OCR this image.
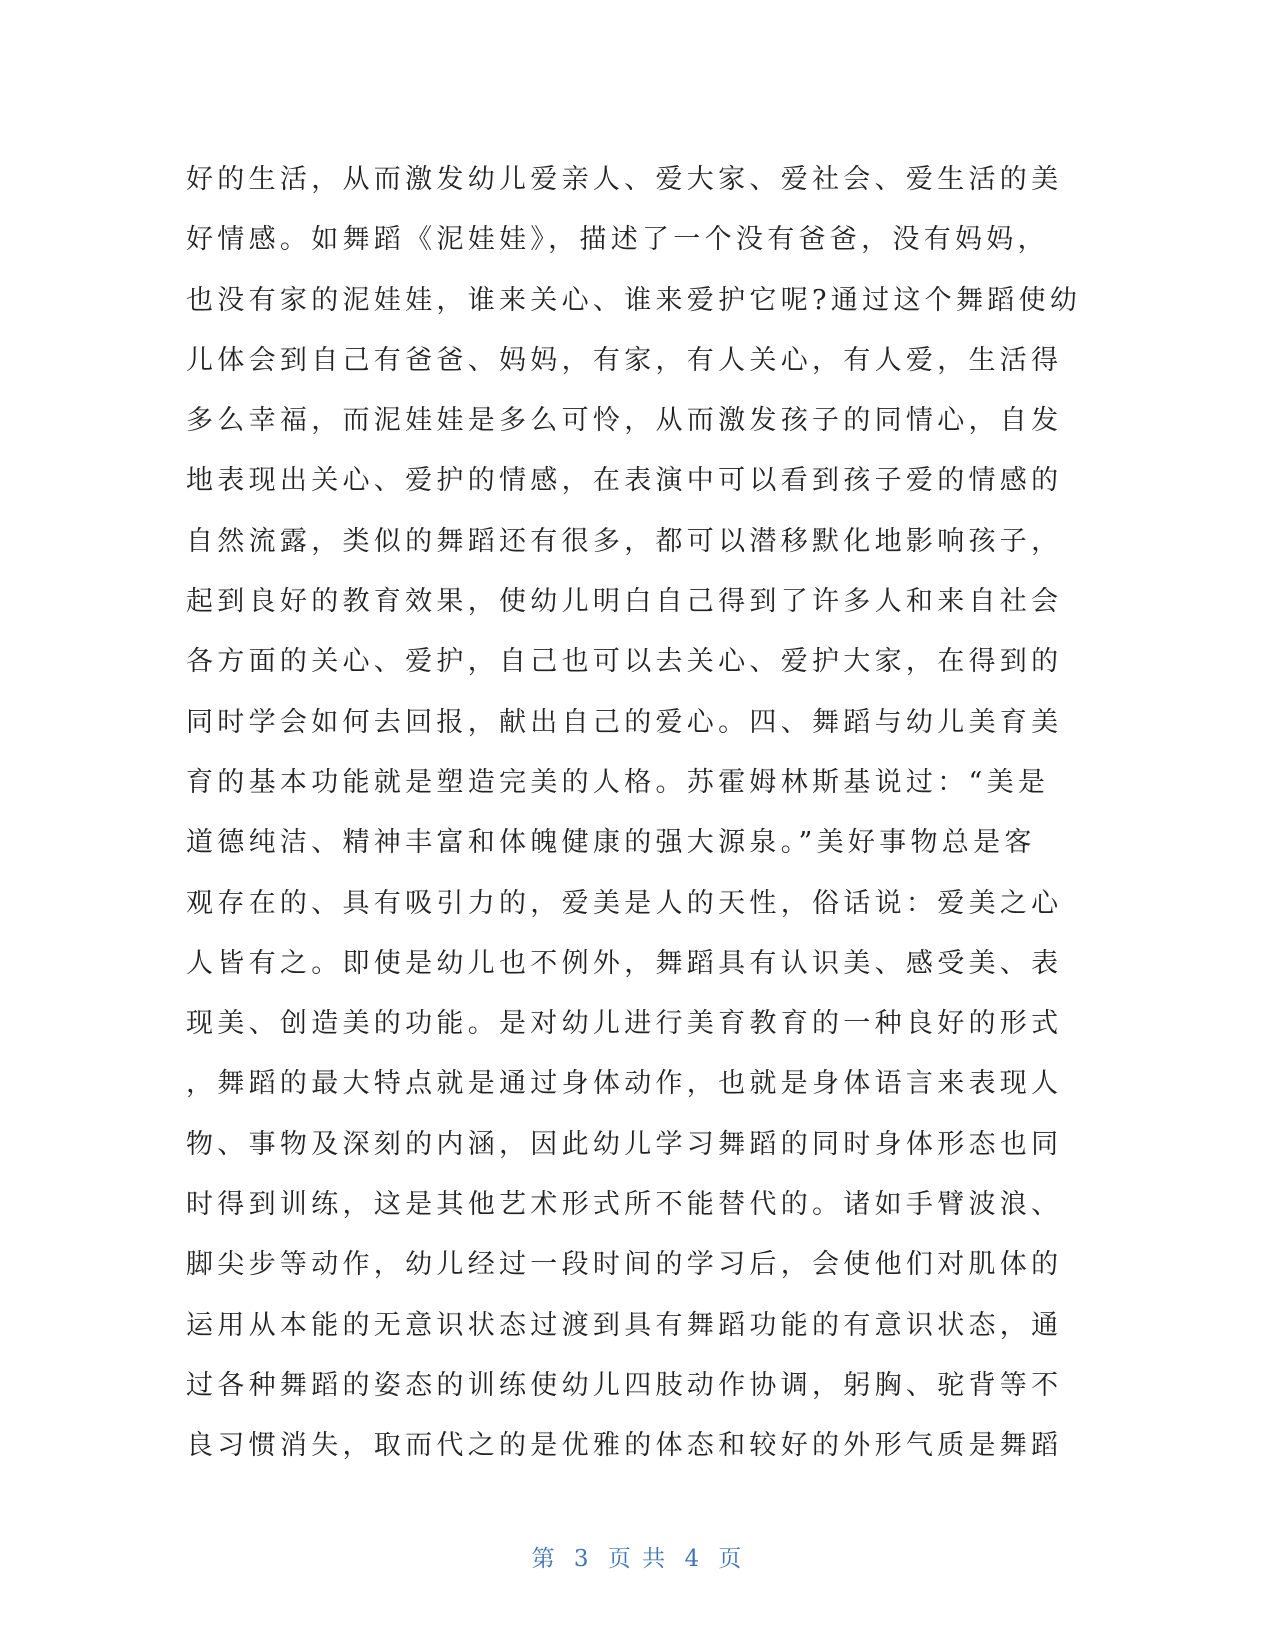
好的生活，从而激发幼儿爱亲人、爱大家、爱社会、爱生活的美
好情感。如舞蹈《泥娃娃》，描述了一个没有爸爸，没有妈妈，
也没有家的泥娃娃，谁来关心、谁来爱护它呢?通过这个舞蹈使幼
儿体会到自己有爸爸、妈妈，有家，有人关心，有人爱，生活得
多么幸福，而泥娃娃是多么可怜，从而激发孩子的同情心，自发
地表现出关心、爱护的情感，在表演中可以看到孩子爱的情感的
自然流露，类似的舞蹈还有很多，都可以潜移默化地影响孩子，
起到良好的教育效果，使幼儿明白自己得到了许多人和来自社会
各方面的关心、爱护，自己也可以去关心、爱护大家，在得到的
同时学会如何去回报，献出自己的爱心。四、舞蹈与幼儿美育美
育的基本功能就是塑造完美的人格。苏霍姆林斯基说过：“美是
道德纯洁、精神丰富和体魄健康的强大源泉。”美好事物总是客
观存在的、具有吸引力的，爱美是人的天性，俗话说：爱美之心
人皆有之。即使是幼儿也不例外，舞蹈具有认识美、感受美、表
现美、创造美的功能。是对幼儿进行美育教育的一种良好的形式
，舞蹈的最大特点就是通过身体动作，也就是身体语言来表现人
物、事物及深刻的内涵，因此幼儿学习舞蹈的同时身体形态也同
时得到训练，这是其他艺术形式所不能替代的。诸如手臂波浪、
脚尖步等动作，幼儿经过一段时间的学习后，会使他们对肌体的
运用从本能的无意识状态过渡到具有舞蹈功能的有意识状态，通
过各种舞蹈的姿态的训练使幼儿四肢动作协调，躬胸、驼背等不
良习惯消失，取而代之的是优雅的体态和较好的外形气质是舞蹈
第 3 页 共 4 页
